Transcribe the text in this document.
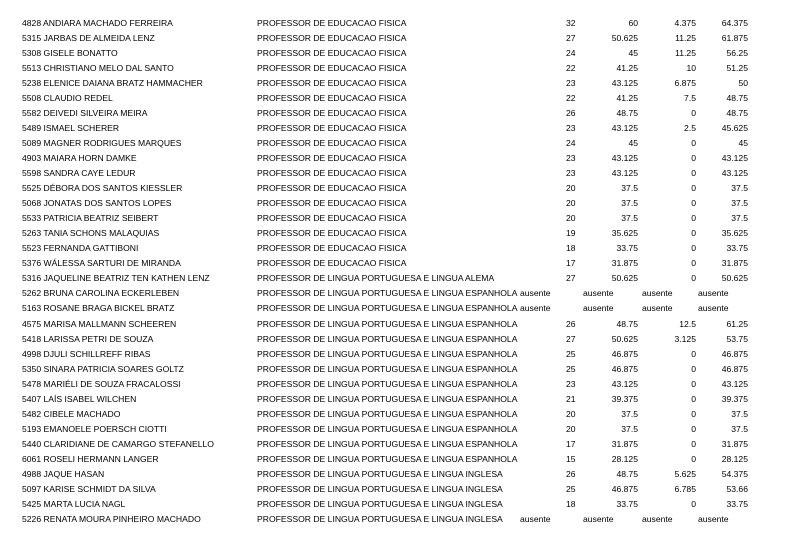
4828 ANDIARA MACHADO FERREIRA	PROFESSOR DE EDUCACAO FISICA	32	60	4.375	64.375
5315 JARBAS DE ALMEIDA LENZ	PROFESSOR DE EDUCACAO FISICA	27	50.625	11.25	61.875
5308 GISELE BONATTO	PROFESSOR DE EDUCACAO FISICA	24	45	11.25	56.25
5513 CHRISTIANO MELO DAL SANTO	PROFESSOR DE EDUCACAO FISICA	22	41.25	10	51.25
5238 ELENICE DAIANA BRATZ HAMMACHER	PROFESSOR DE EDUCACAO FISICA	23	43.125	6.875	50
5508 CLAUDIO REDEL	PROFESSOR DE EDUCACAO FISICA	22	41.25	7.5	48.75
5582 DEIVEDI SILVEIRA MEIRA	PROFESSOR DE EDUCACAO FISICA	26	48.75	0	48.75
5489 ISMAEL SCHERER	PROFESSOR DE EDUCACAO FISICA	23	43.125	2.5	45.625
5089 MAGNER RODRIGUES MARQUES	PROFESSOR DE EDUCACAO FISICA	24	45	0	45
4903 MAIARA HORN DAMKE	PROFESSOR DE EDUCACAO FISICA	23	43.125	0	43.125
5598 SANDRA CAYE LEDUR	PROFESSOR DE EDUCACAO FISICA	23	43.125	0	43.125
5525 DÉBORA DOS SANTOS KIESSLER	PROFESSOR DE EDUCACAO FISICA	20	37.5	0	37.5
5068 JONATAS DOS SANTOS LOPES	PROFESSOR DE EDUCACAO FISICA	20	37.5	0	37.5
5533 PATRICIA BEATRIZ SEIBERT	PROFESSOR DE EDUCACAO FISICA	20	37.5	0	37.5
5263 TANIA SCHONS MALAQUIAS	PROFESSOR DE EDUCACAO FISICA	19	35.625	0	35.625
5523 FERNANDA GATTIBONI	PROFESSOR DE EDUCACAO FISICA	18	33.75	0	33.75
5376 WÁLESSA SARTURI DE MIRANDA	PROFESSOR DE EDUCACAO FISICA	17	31.875	0	31.875
5316 JAQUELINE BEATRIZ TEN KATHEN LENZ	PROFESSOR DE LINGUA PORTUGUESA E LINGUA ALEMA	27	50.625	0	50.625
5262 BRUNA CAROLINA ECKERLEBEN	PROFESSOR DE LINGUA PORTUGUESA E LINGUA ESPANHOLA ausente	ausente	ausente	ausente
5163 ROSANE BRAGA BICKEL BRATZ	PROFESSOR DE LINGUA PORTUGUESA E LINGUA ESPANHOLA ausente	ausente	ausente	ausente
4575 MARISA MALLMANN SCHEEREN	PROFESSOR DE LINGUA PORTUGUESA E LINGUA ESPANHOLA	26	48.75	12.5	61.25
5418 LARISSA PETRI DE SOUZA	PROFESSOR DE LINGUA PORTUGUESA E LINGUA ESPANHOLA	27	50.625	3.125	53.75
4998 DJULI SCHILLREFF RIBAS	PROFESSOR DE LINGUA PORTUGUESA E LINGUA ESPANHOLA	25	46.875	0	46.875
5350 SINARA PATRICIA SOARES GOLTZ	PROFESSOR DE LINGUA PORTUGUESA E LINGUA ESPANHOLA	25	46.875	0	46.875
5478 MARIÉLI DE SOUZA FRACALOSSI	PROFESSOR DE LINGUA PORTUGUESA E LINGUA ESPANHOLA	23	43.125	0	43.125
5407 LAÍS ISABEL WILCHEN	PROFESSOR DE LINGUA PORTUGUESA E LINGUA ESPANHOLA	21	39.375	0	39.375
5482 CIBELE MACHADO	PROFESSOR DE LINGUA PORTUGUESA E LINGUA ESPANHOLA	20	37.5	0	37.5
5193 EMANOELE POERSCH CIOTTI	PROFESSOR DE LINGUA PORTUGUESA E LINGUA ESPANHOLA	20	37.5	0	37.5
5440 CLARIDIANE DE CAMARGO STEFANELLO	PROFESSOR DE LINGUA PORTUGUESA E LINGUA ESPANHOLA	17	31.875	0	31.875
6061 ROSELI HERMANN LANGER	PROFESSOR DE LINGUA PORTUGUESA E LINGUA ESPANHOLA	15	28.125	0	28.125
4988 JAQUE HASAN	PROFESSOR DE LINGUA PORTUGUESA E LINGUA INGLESA	26	48.75	5.625	54.375
5097 KARISE SCHMIDT DA SILVA	PROFESSOR DE LINGUA PORTUGUESA E LINGUA INGLESA	25	46.875	6.785	53.66
5425 MARTA LUCIA NAGL	PROFESSOR DE LINGUA PORTUGUESA E LINGUA INGLESA	18	33.75	0	33.75
5226 RENATA MOURA PINHEIRO MACHADO	PROFESSOR DE LINGUA PORTUGUESA E LINGUA INGLESA ausente	ausente	ausente	ausente
